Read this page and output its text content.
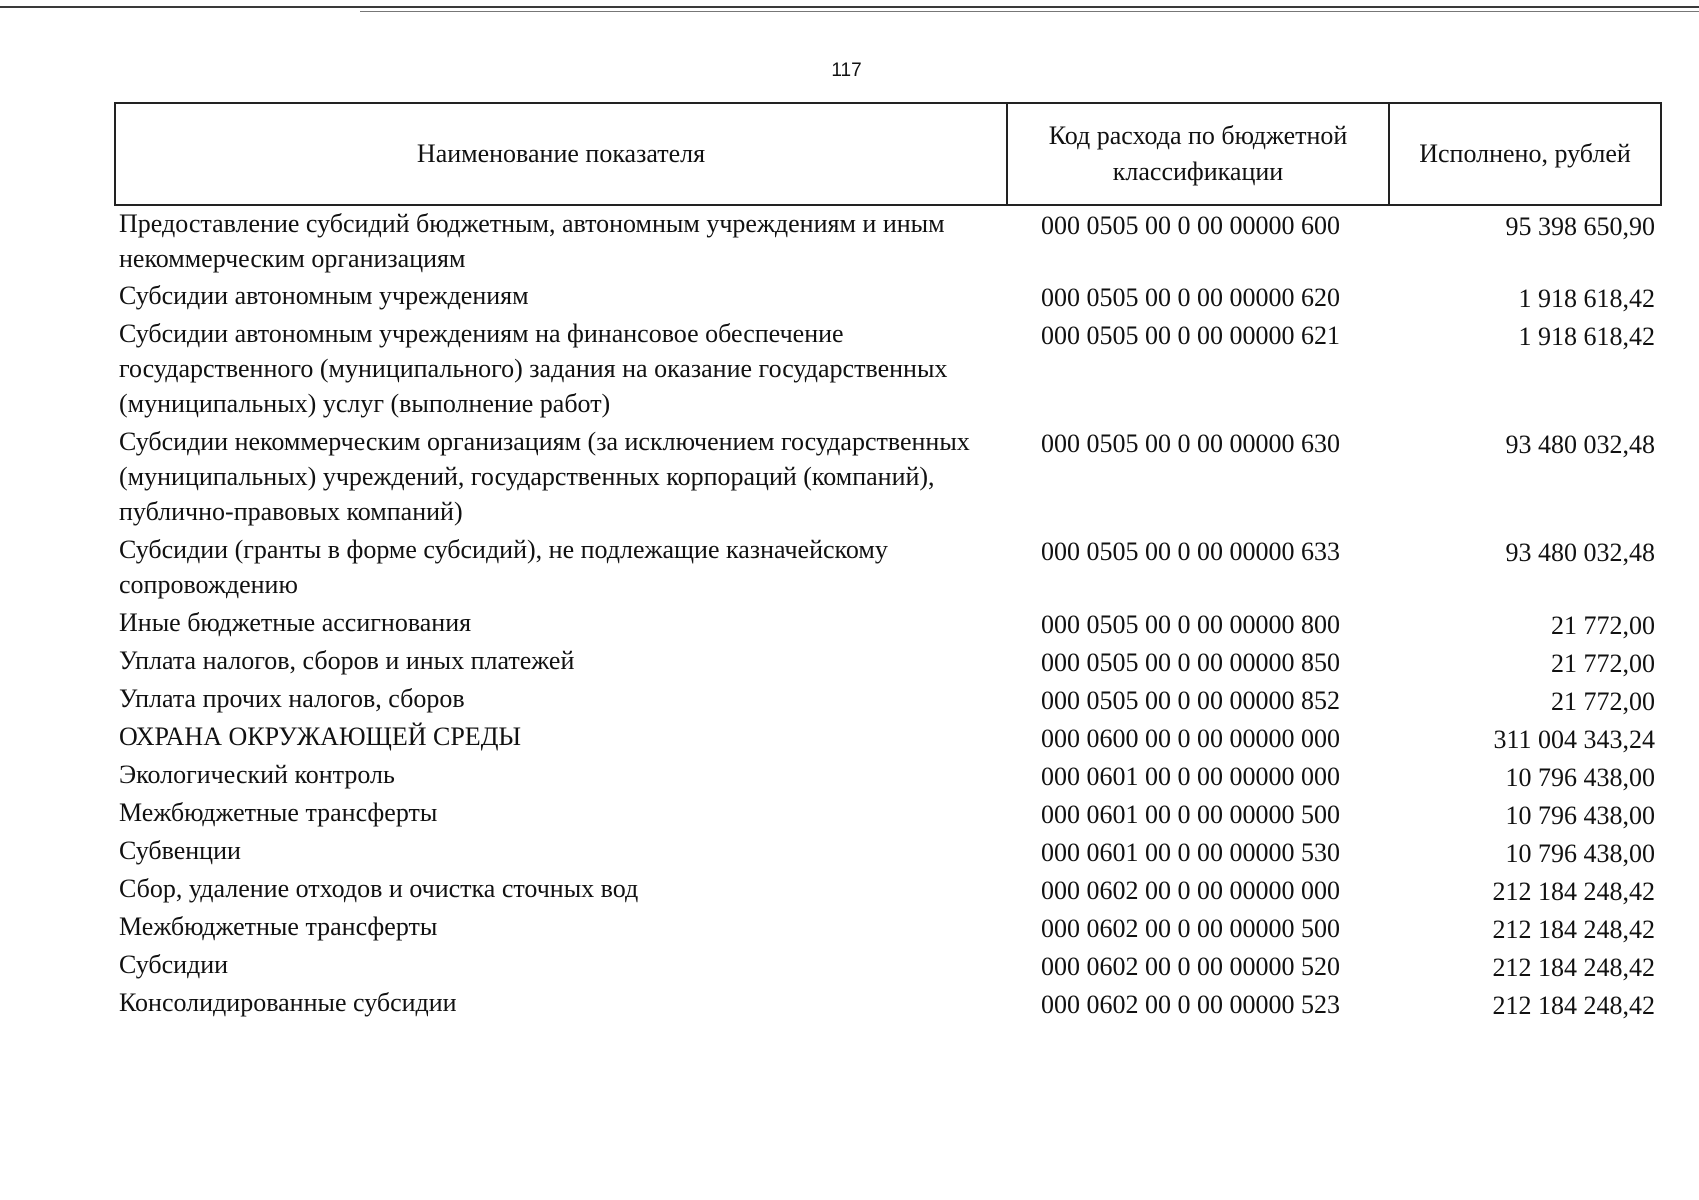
117
Наименование показателя	Код расхода по бюджетной классификации	Исполнено, рублей
Предоставление субсидий бюджетным, автономным учреждениям и иным некоммерческим организациям	000 0505 00 0 00 00000 600	95 398 650,90
Субсидии автономным учреждениям	000 0505 00 0 00 00000 620	1 918 618,42
Субсидии автономным учреждениям на финансовое обеспечение государственного (муниципального) задания на оказание государственных (муниципальных) услуг (выполнение работ)	000 0505 00 0 00 00000 621	1 918 618,42
Субсидии некоммерческим организациям (за исключением государственных (муниципальных) учреждений, государственных корпораций (компаний), публично-правовых компаний)	000 0505 00 0 00 00000 630	93 480 032,48
Субсидии (гранты в форме субсидий), не подлежащие казначейскому сопровождению	000 0505 00 0 00 00000 633	93 480 032,48
Иные бюджетные ассигнования	000 0505 00 0 00 00000 800	21 772,00
Уплата налогов, сборов и иных платежей	000 0505 00 0 00 00000 850	21 772,00
Уплата прочих налогов, сборов	000 0505 00 0 00 00000 852	21 772,00
ОХРАНА ОКРУЖАЮЩЕЙ СРЕДЫ	000 0600 00 0 00 00000 000	311 004 343,24
Экологический контроль	000 0601 00 0 00 00000 000	10 796 438,00
Межбюджетные трансферты	000 0601 00 0 00 00000 500	10 796 438,00
Субвенции	000 0601 00 0 00 00000 530	10 796 438,00
Сбор, удаление отходов и очистка сточных вод	000 0602 00 0 00 00000 000	212 184 248,42
Межбюджетные трансферты	000 0602 00 0 00 00000 500	212 184 248,42
Субсидии	000 0602 00 0 00 00000 520	212 184 248,42
Консолидированные субсидии	000 0602 00 0 00 00000 523	212 184 248,42
